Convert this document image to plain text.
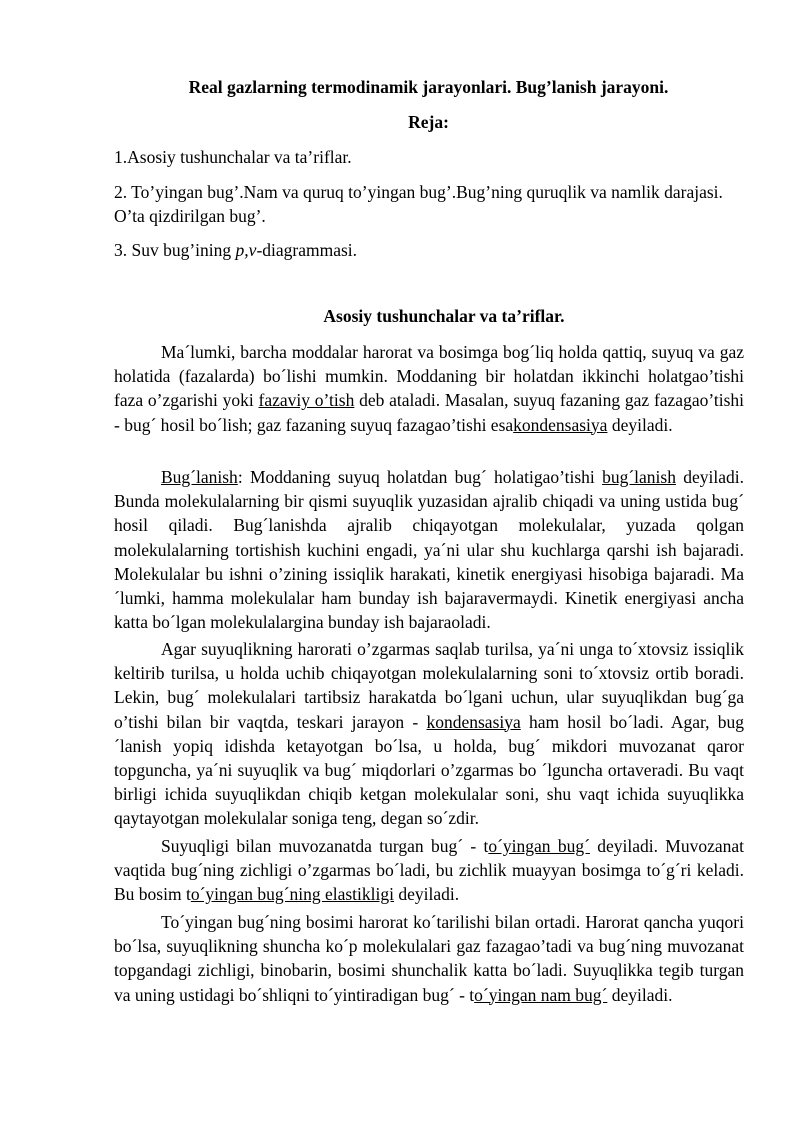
Real gazlarning termodinamik jarayonlari. Bug’lanish jarayoni.

Reja:

1.Asosiy tushunchalar va ta’riflar.

2. To’yingan bug’.Nam va quruq to’yingan bug’.Bug’ning quruqlik va namlik darajasi. O’ta qizdirilgan bug’.

3. Suv bug’ining p,v-diagrammasi.

Asosiy tushunchalar va ta’riflar.

Ma´lumki, barcha moddalar harorat va bosimga bog´liq holda qattiq, suyuq va gaz holatida (fazalarda) bo´lishi mumkin. Moddaning bir holatdan ikkinchi holatgao’tishi faza o’zgarishi yoki fazaviy o’tish deb ataladi. Masalan, suyuq fazaning gaz fazagao’tishi - bug´ hosil bo´lish; gaz fazaning suyuq fazagao’tishi esakondensasiya deyiladi.

Bug´lanish: Moddaning suyuq holatdan bug´ holatigao’tishi bug´lanish deyiladi. Bunda molekulalarning bir qismi suyuqlik yuzasidan ajralib chiqadi va uning ustida bug´ hosil qiladi. Bug´lanishda ajralib chiqayotgan molekulalar, yuzada qolgan molekulalarning tortishish kuchini engadi, ya´ni ular shu kuchlarga qarshi ish bajaradi. Molekulalar bu ishni o’zining issiqlik harakati, kinetik energiyasi hisobiga bajaradi. Ma´lumki, hamma molekulalar ham bunday ish bajaravermaydi. Kinetik energiyasi ancha katta bo´lgan molekulalargina bunday ish bajaraoladi.

Agar suyuqlikning harorati o’zgarmas saqlab turilsa, ya´ni unga to´xtovsiz issiqlik keltirib turilsa, u holda uchib chiqayotgan molekulalarning soni to´xtovsiz ortib boradi. Lekin, bug´ molekulalari tartibsiz harakatda bo´lgani uchun, ular suyuqlikdan bug´ga o’tishi bilan bir vaqtda, teskari jarayon - kondensasiya ham hosil bo´ladi. Agar, bug´lanish yopiq idishda ketayotgan bo´lsa, u holda, bug´ mikdori muvozanat qaror topguncha, ya´ni suyuqlik va bug´ miqdorlari o’zgarmas bo ´lguncha ortaveradi. Bu vaqt birligi ichida suyuqlikdan chiqib ketgan molekulalar soni, shu vaqt ichida suyuqlikka qaytayotgan molekulalar soniga teng, degan so´zdir.

Suyuqligi bilan muvozanatda turgan bug´ - to´yingan bug´ deyiladi. Muvozanat vaqtida bug´ning zichligi o’zgarmas bo´ladi, bu zichlik muayyan bosimga to´g´ri keladi. Bu bosim to´yingan bug´ning elastikligi deyiladi.

To´yingan bug´ning bosimi harorat ko´tarilishi bilan ortadi. Harorat qancha yuqori bo´lsa, suyuqlikning shuncha ko´p molekulalari gaz fazagao’tadi va bug´ning muvozanat topgandagi zichligi, binobarin, bosimi shunchalik katta bo´ladi. Suyuqlikka tegib turgan va uning ustidagi bo´shliqni to´yintiradigan bug´ - to´yingan nam bug´ deyiladi.
